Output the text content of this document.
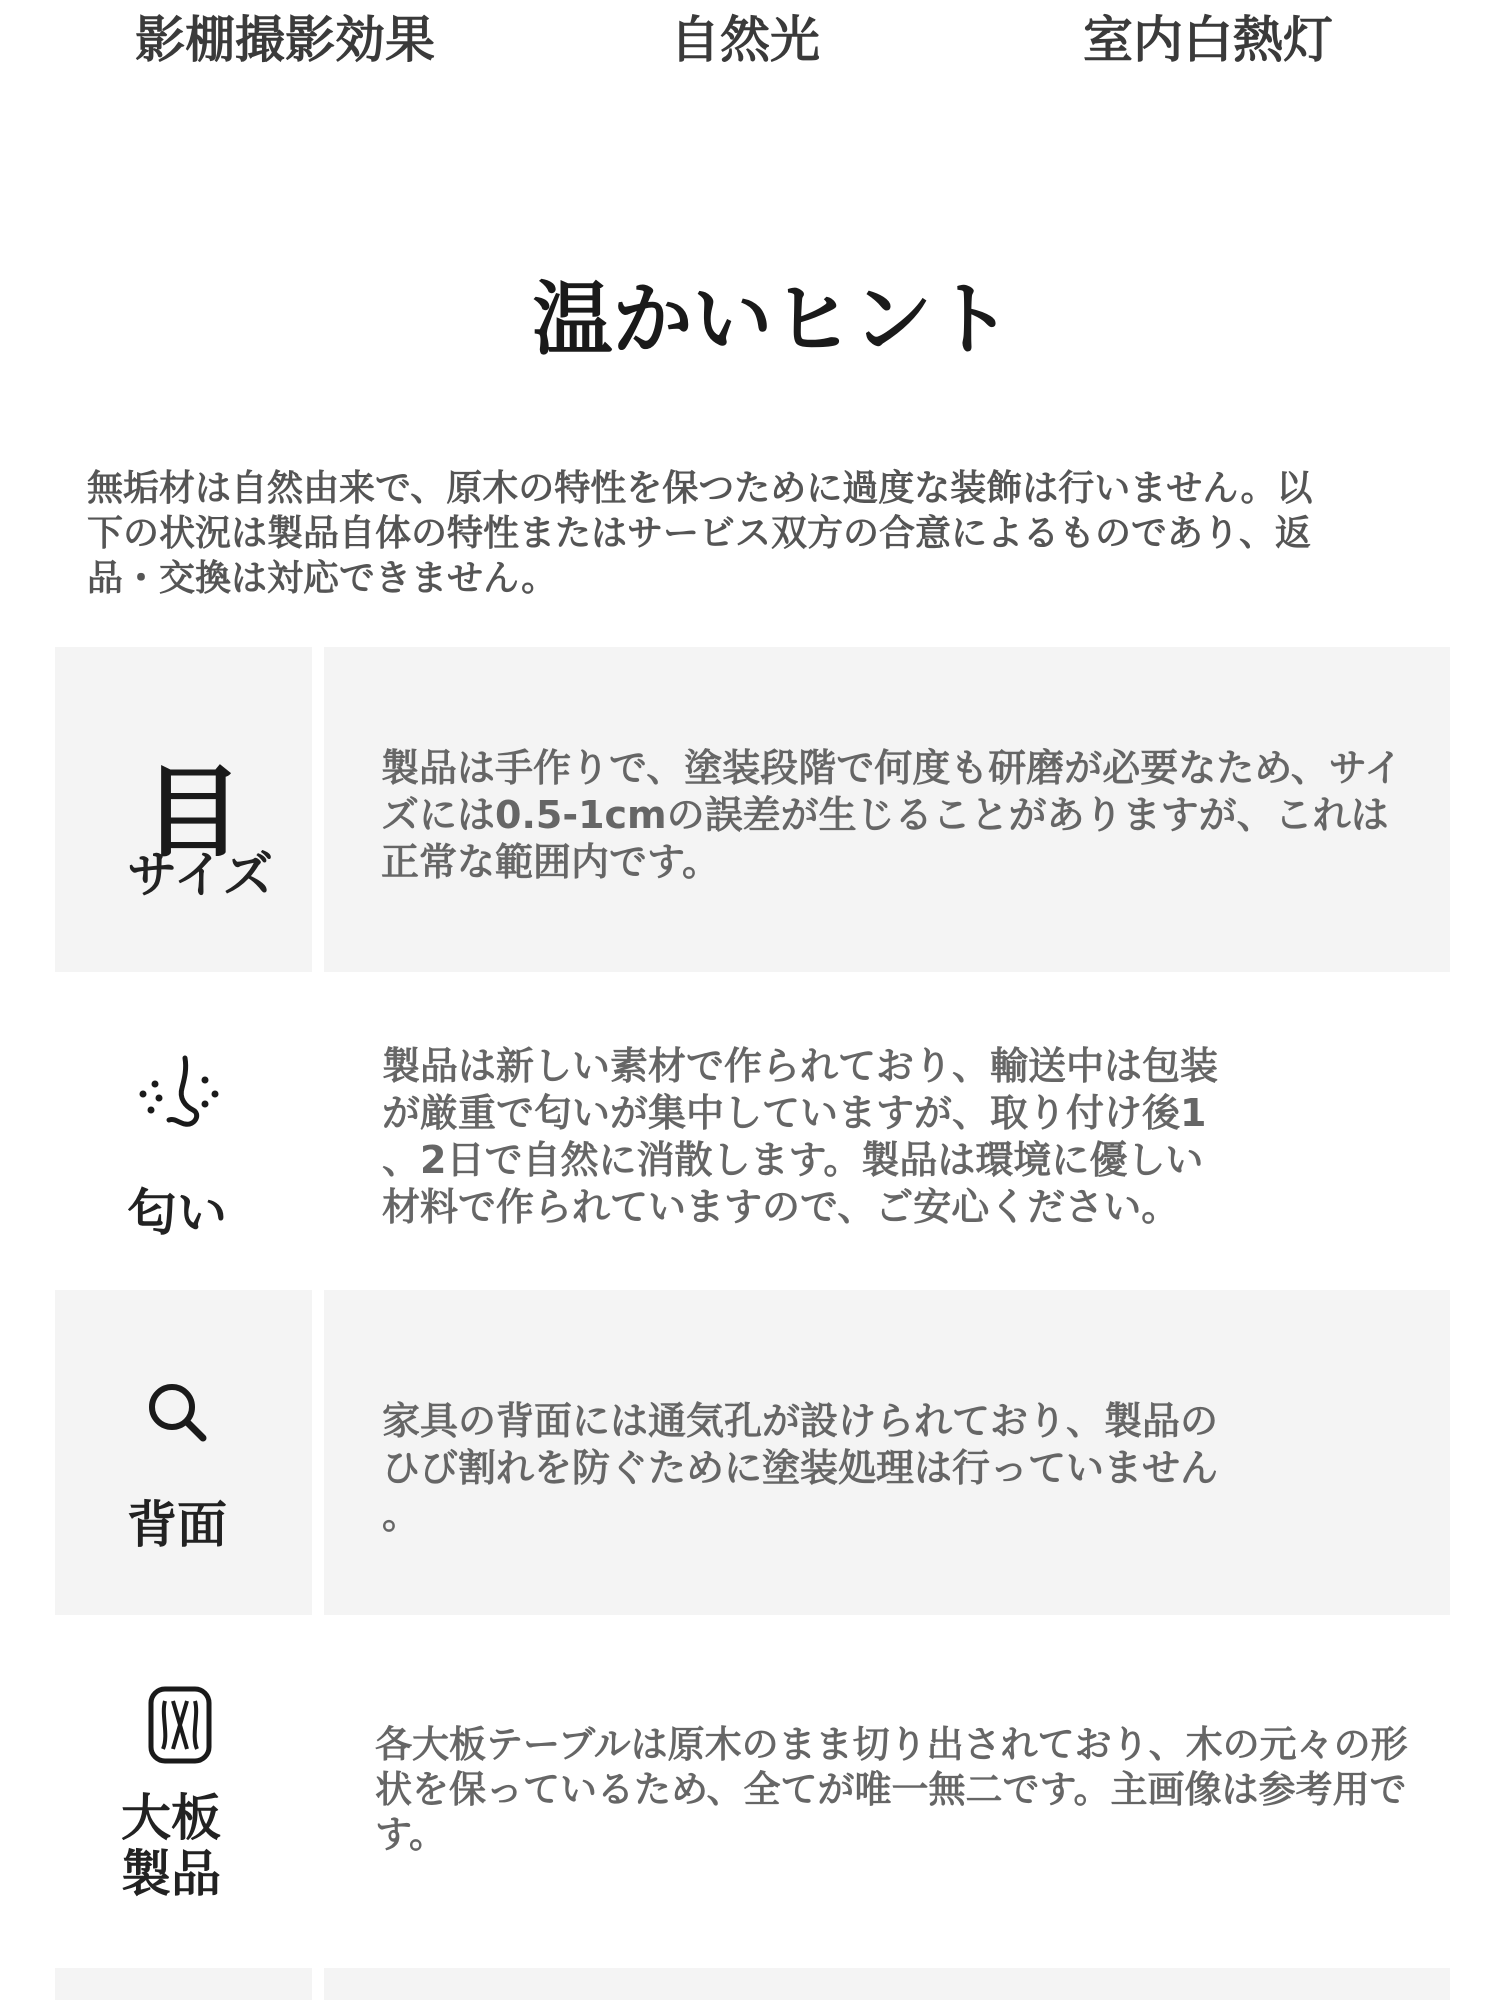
影棚撮影効果	自然光	室内白熱灯
温かいヒント
無垢材は自然由来で、原木の特性を保つために過度な装飾は行いません。以
下の状況は製品自体の特性またはサービス双方の合意によるものであり、返
品・交換は対応できません。
目
サイズ
製品は手作りで、塗装段階で何度も研磨が必要なため、サイ
ズには0.5-1cmの誤差が生じることがありますが、これは
正常な範囲内です。
匂い
製品は新しい素材で作られており、輸送中は包装
が厳重で匂いが集中していますが、取り付け後1
、2日で自然に消散します。製品は環境に優しい
材料で作られていますので、ご安心ください。
背面
家具の背面には通気孔が設けられており、製品の
ひび割れを防ぐために塗装処理は行っていません
。
大板
製品
各大板テーブルは原木のまま切り出されており、木の元々の形
状を保っているため、全てが唯一無二です。主画像は参考用で
す。
